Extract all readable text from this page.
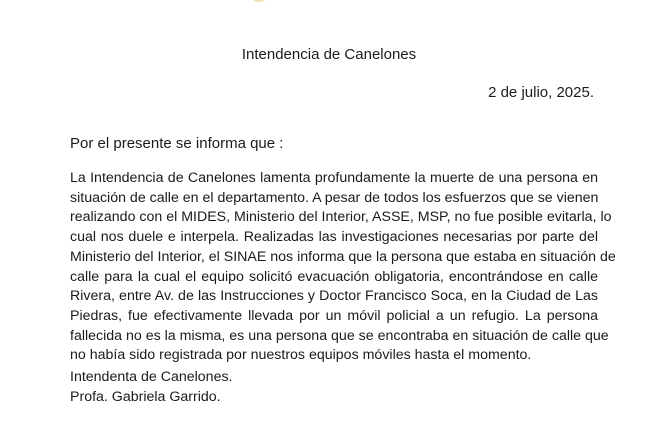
Intendencia de Canelones
2 de julio, 2025.
Por el presente se informa que :
La Intendencia de Canelones lamenta profundamente la muerte de una persona en
situación de calle en el departamento. A pesar de todos los esfuerzos que se vienen
realizando con el MIDES, Ministerio del Interior, ASSE, MSP, no fue posible evitarla, lo
cual nos duele e interpela. Realizadas las investigaciones necesarias por parte del
Ministerio del Interior, el SINAE nos informa que la persona que estaba en situación de
calle para la cual el equipo solicitó evacuación obligatoria, encontrándose en calle
Rivera, entre Av. de las Instrucciones y Doctor Francisco Soca, en la Ciudad de Las
Piedras, fue efectivamente llevada por un móvil policial a un refugio. La persona
fallecida no es la misma, es una persona que se encontraba en situación de calle que
no había sido registrada por nuestros equipos móviles hasta el momento.
Intendenta de Canelones.
Profa. Gabriela Garrido.
